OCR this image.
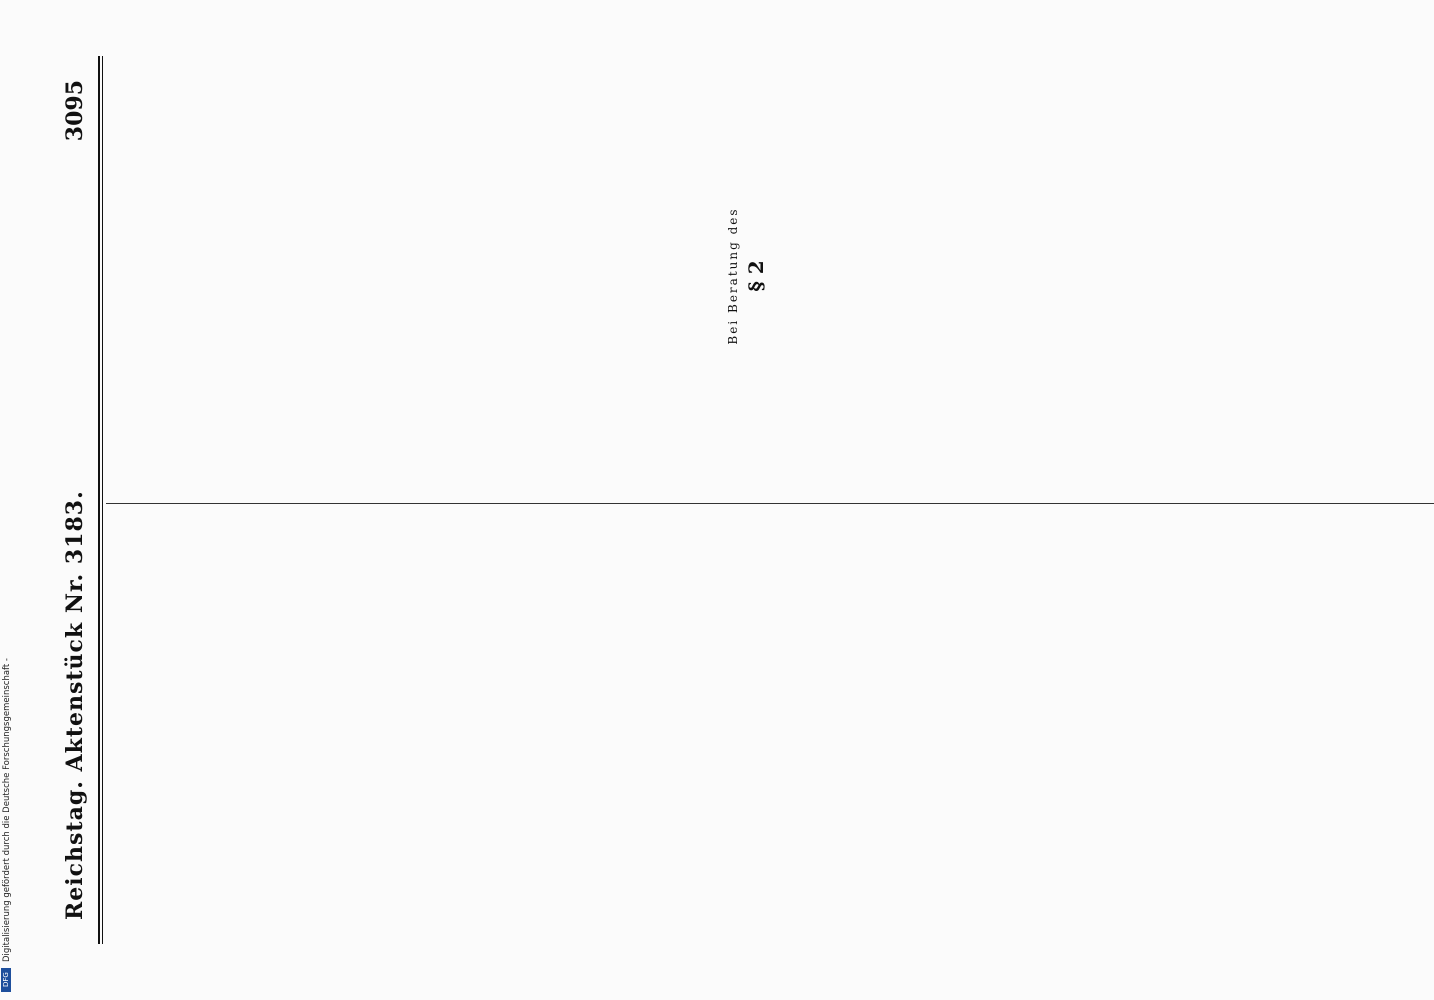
Reichstag. Aktenstück Nr. 3183.
3095

Bei Beratung des § 2
Digitalisierung gefördert durch die Deutsche Forschungsgemeinschaft -
DFG
